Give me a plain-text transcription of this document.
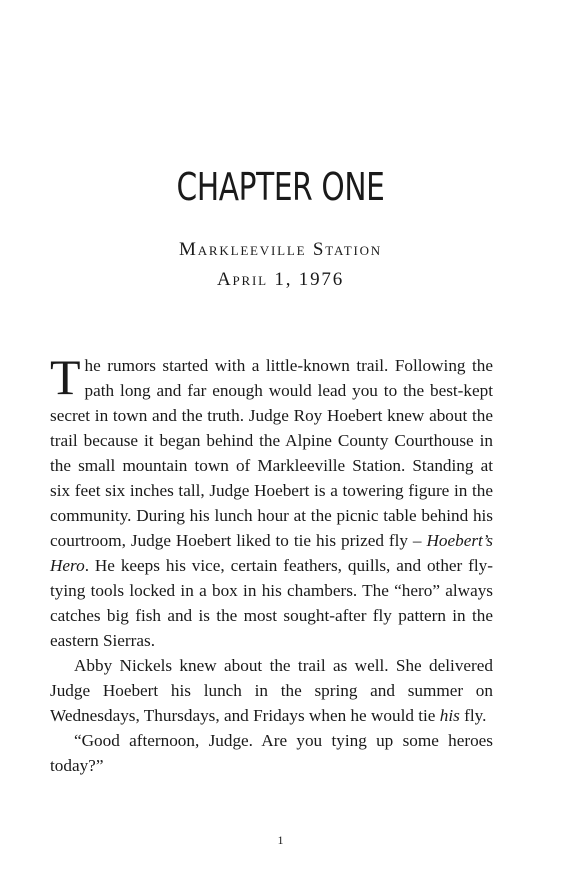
CHAPTER ONE
Markleeville Station
April 1, 1976

The rumors started with a little-known trail. Following the path long and far enough would lead you to the best-kept secret in town and the truth. Judge Roy Hoebert knew about the trail because it began behind the Alpine County Courthouse in the small mountain town of Markleeville Station. Standing at six feet six inches tall, Judge Hoebert is a towering figure in the community. During his lunch hour at the picnic table behind his courtroom, Judge Hoebert liked to tie his prized fly – Hoebert’s Hero. He keeps his vice, certain feathers, quills, and other fly-tying tools locked in a box in his chambers. The “hero” always catches big fish and is the most sought-after fly pattern in the eastern Sierras.

Abby Nickels knew about the trail as well. She delivered Judge Hoebert his lunch in the spring and summer on Wednesdays, Thursdays, and Fridays when he would tie his fly.

“Good afternoon, Judge. Are you tying up some heroes today?”

1
